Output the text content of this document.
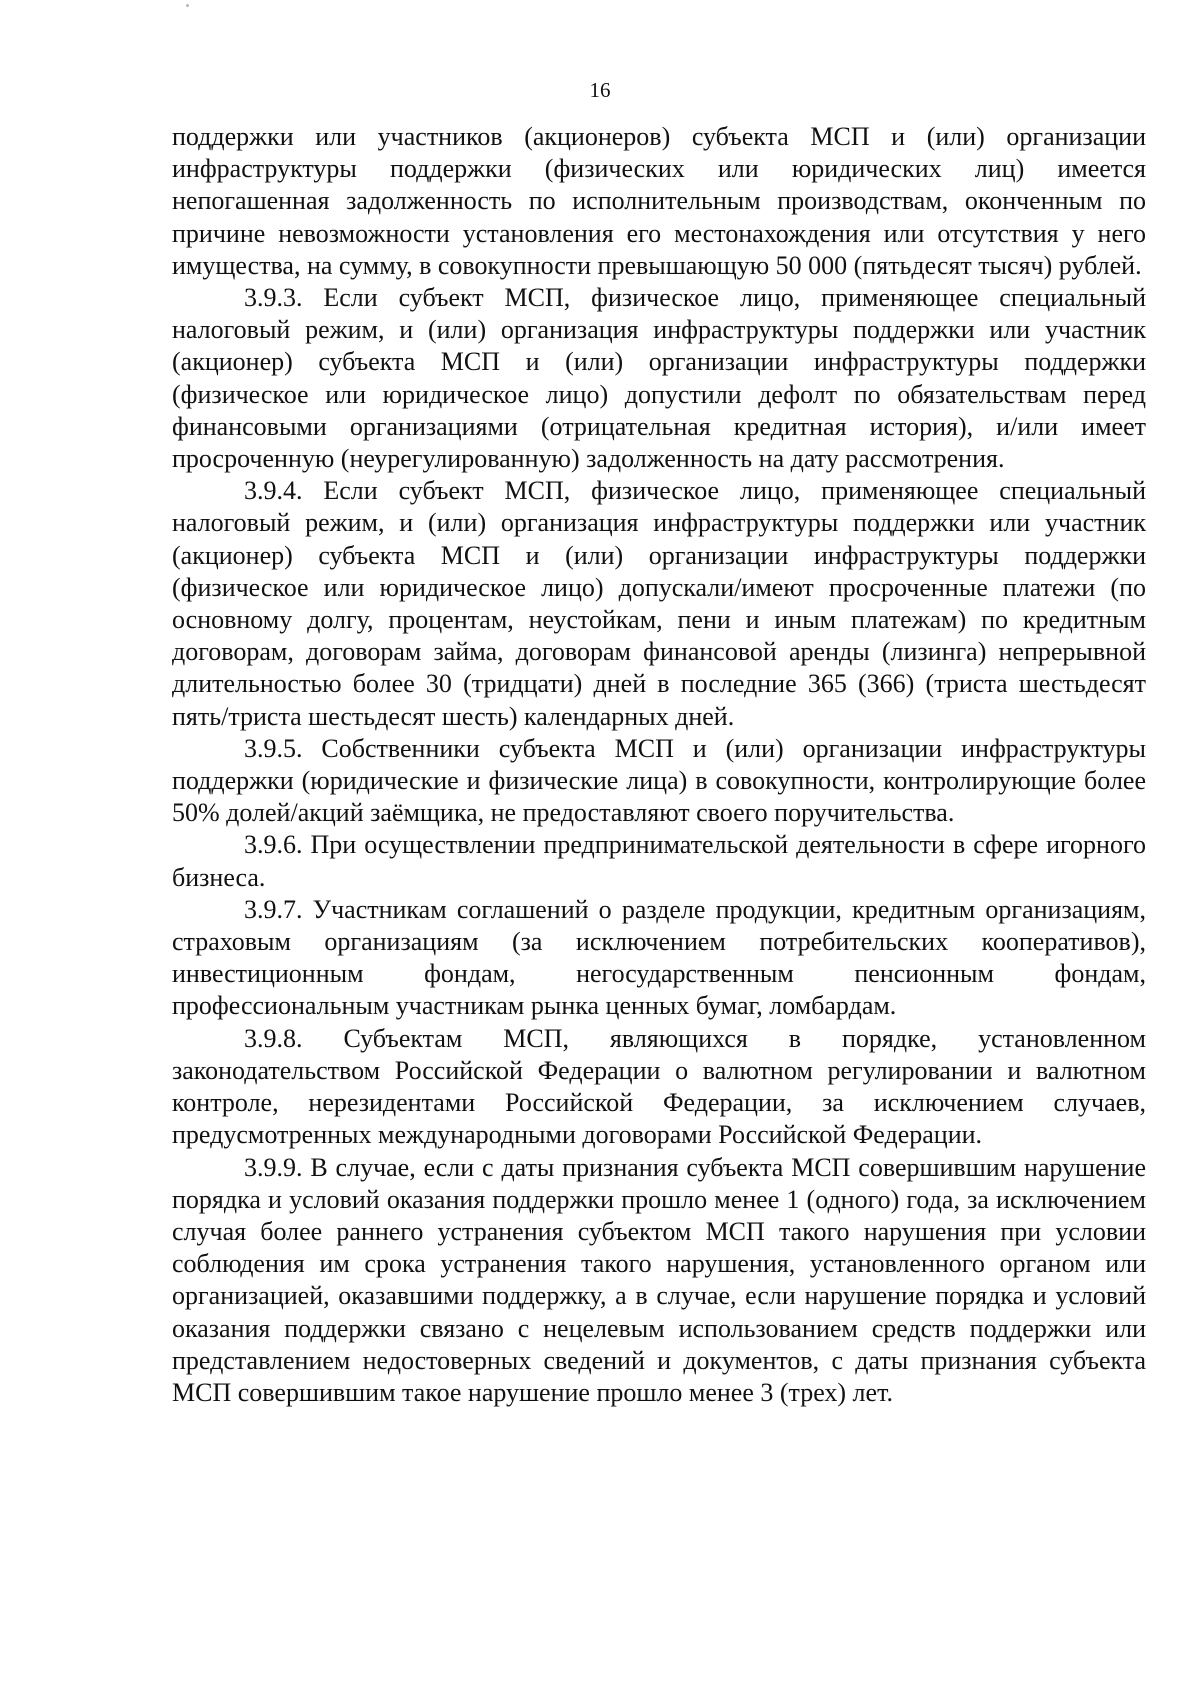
16

поддержки или участников (акционеров) субъекта МСП и (или) организации инфраструктуры поддержки (физических или юридических лиц) имеется непогашенная задолженность по исполнительным производствам, оконченным по причине невозможности установления его местонахождения или отсутствия у него имущества, на сумму, в совокупности превышающую 50 000 (пятьдесят тысяч) рублей.

3.9.3. Если субъект МСП, физическое лицо, применяющее специальный налоговый режим, и (или) организация инфраструктуры поддержки или участник (акционер) субъекта МСП и (или) организации инфраструктуры поддержки (физическое или юридическое лицо) допустили дефолт по обязательствам перед финансовыми организациями (отрицательная кредитная история), и/или имеет просроченную (неурегулированную) задолженность на дату рассмотрения.

3.9.4. Если субъект МСП, физическое лицо, применяющее специальный налоговый режим, и (или) организация инфраструктуры поддержки или участник (акционер) субъекта МСП и (или) организации инфраструктуры поддержки (физическое или юридическое лицо) допускали/имеют просроченные платежи (по основному долгу, процентам, неустойкам, пени и иным платежам) по кредитным договорам, договорам займа, договорам финансовой аренды (лизинга) непрерывной длительностью более 30 (тридцати) дней в последние 365 (366) (триста шестьдесят пять/триста шестьдесят шесть) календарных дней.

3.9.5. Собственники субъекта МСП и (или) организации инфраструктуры поддержки (юридические и физические лица) в совокупности, контролирующие более 50% долей/акций заёмщика, не предоставляют своего поручительства.

3.9.6. При осуществлении предпринимательской деятельности в сфере игорного бизнеса.

3.9.7. Участникам соглашений о разделе продукции, кредитным организациям, страховым организациям (за исключением потребительских кооперативов), инвестиционным фондам, негосударственным пенсионным фондам, профессиональным участникам рынка ценных бумаг, ломбардам.

3.9.8. Субъектам МСП, являющихся в порядке, установленном законодательством Российской Федерации о валютном регулировании и валютном контроле, нерезидентами Российской Федерации, за исключением случаев, предусмотренных международными договорами Российской Федерации.

3.9.9. В случае, если с даты признания субъекта МСП совершившим нарушение порядка и условий оказания поддержки прошло менее 1 (одного) года, за исключением случая более раннего устранения субъектом МСП такого нарушения при условии соблюдения им срока устранения такого нарушения, установленного органом или организацией, оказавшими поддержку, а в случае, если нарушение порядка и условий оказания поддержки связано с нецелевым использованием средств поддержки или представлением недостоверных сведений и документов, с даты признания субъекта МСП совершившим такое нарушение прошло менее 3 (трех) лет.
